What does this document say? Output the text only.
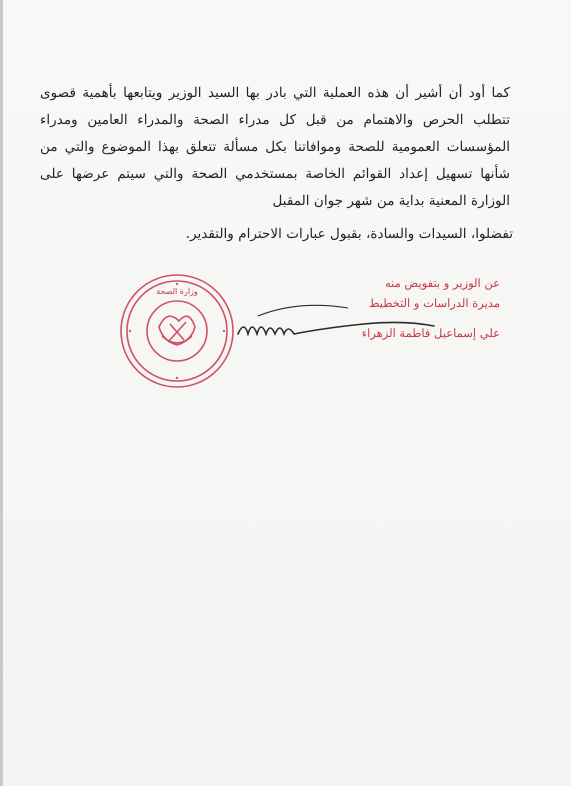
كما أود أن أشير أن هذه العملية التي بادر بها السيد الوزير ويتابعها بأهمية قصوى تتطلب الحرص والاهتمام من قبل كل مدراء الصحة والمدراء العامين ومدراء المؤسسات العمومية للصحة وموافاتنا بكل مسألة تتعلق بهذا الموضوع والتي من شأنها تسهيل إعداد القوائم الخاصة بمستخدمي الصحة والتي سيتم عرضها على الوزارة المعنية بداية من شهر جوان المقبل

تفضلوا، السيدات والسادة، بقبول عبارات الاحترام والتقدير.
وزارة الصحة
عن الوزير و بتفويض منه
مديرة الدراسات و التخطيط
علي إسماعيل فاطمة الزهراء
